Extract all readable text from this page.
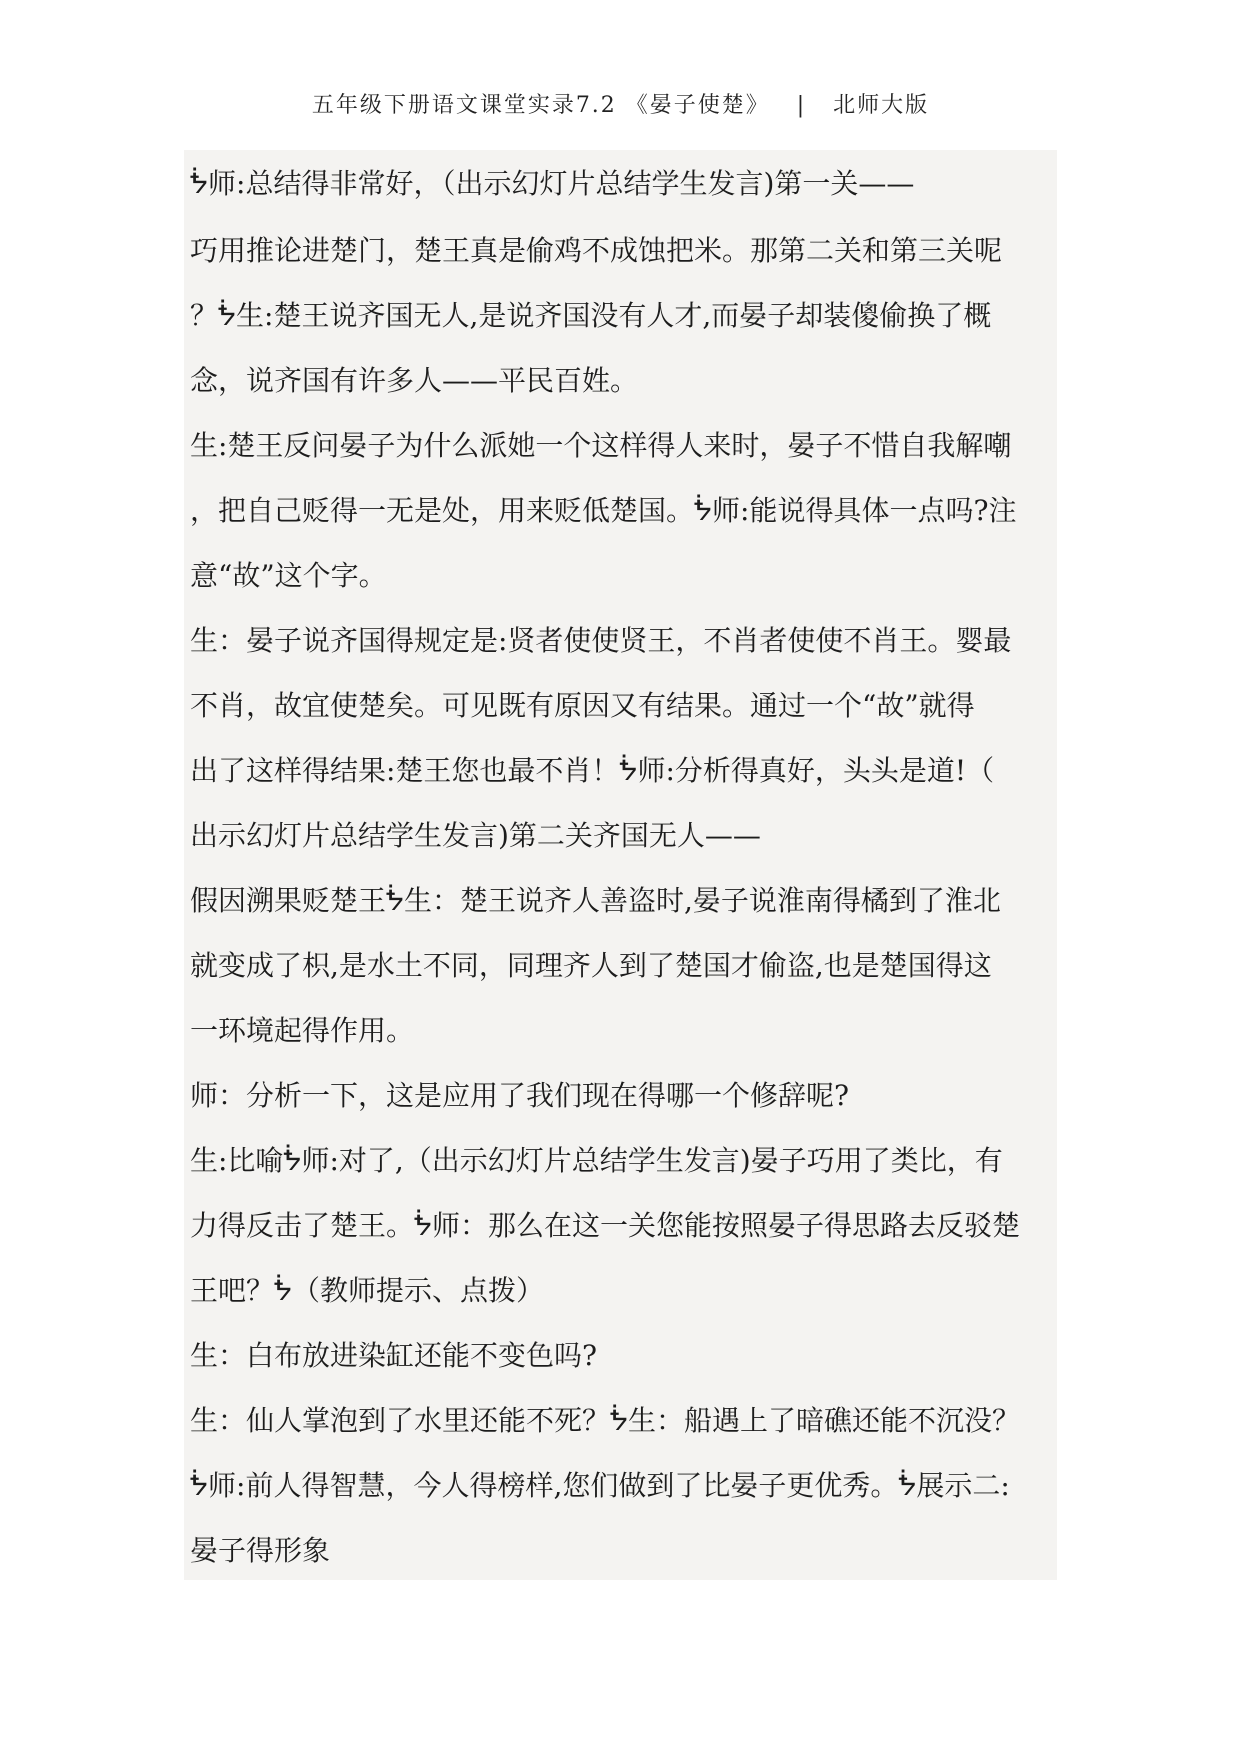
五年级下册语文课堂实录7.2 《晏子使楚》   |   北师大版
ᖭ师:总结得非常好，（出示幻灯片总结学生发言)第一关——
巧用推论进楚门，楚王真是偷鸡不成蚀把米。那第二关和第三关呢
？ᖭ生:楚王说齐国无人,是说齐国没有人才,而晏子却装傻偷换了概
念，说齐国有许多人——平民百姓。
生:楚王反问晏子为什么派她一个这样得人来时，晏子不惜自我解嘲
，把自己贬得一无是处，用来贬低楚国。ᖭ师:能说得具体一点吗?注
意“故”这个字。
生：晏子说齐国得规定是:贤者使使贤王，不肖者使使不肖王。婴最
不肖，故宜使楚矣。可见既有原因又有结果。通过一个“故”就得
出了这样得结果:楚王您也最不肖！ᖭ师:分析得真好，头头是道!（
出示幻灯片总结学生发言)第二关齐国无人——
假因溯果贬楚王ᖭ生：楚王说齐人善盗时,晏子说淮南得橘到了淮北
就变成了枳,是水土不同，同理齐人到了楚国才偷盗,也是楚国得这
一环境起得作用。
师：分析一下，这是应用了我们现在得哪一个修辞呢?
生:比喻ᖭ师:对了,（出示幻灯片总结学生发言)晏子巧用了类比，有
力得反击了楚王。ᖭ师：那么在这一关您能按照晏子得思路去反驳楚
王吧？ᖭ（教师提示、点拨）
生：白布放进染缸还能不变色吗?
生：仙人掌泡到了水里还能不死？ᖭ生：船遇上了暗礁还能不沉没？
ᖭ师:前人得智慧，今人得榜样,您们做到了比晏子更优秀。ᖭ展示二:
晏子得形象
